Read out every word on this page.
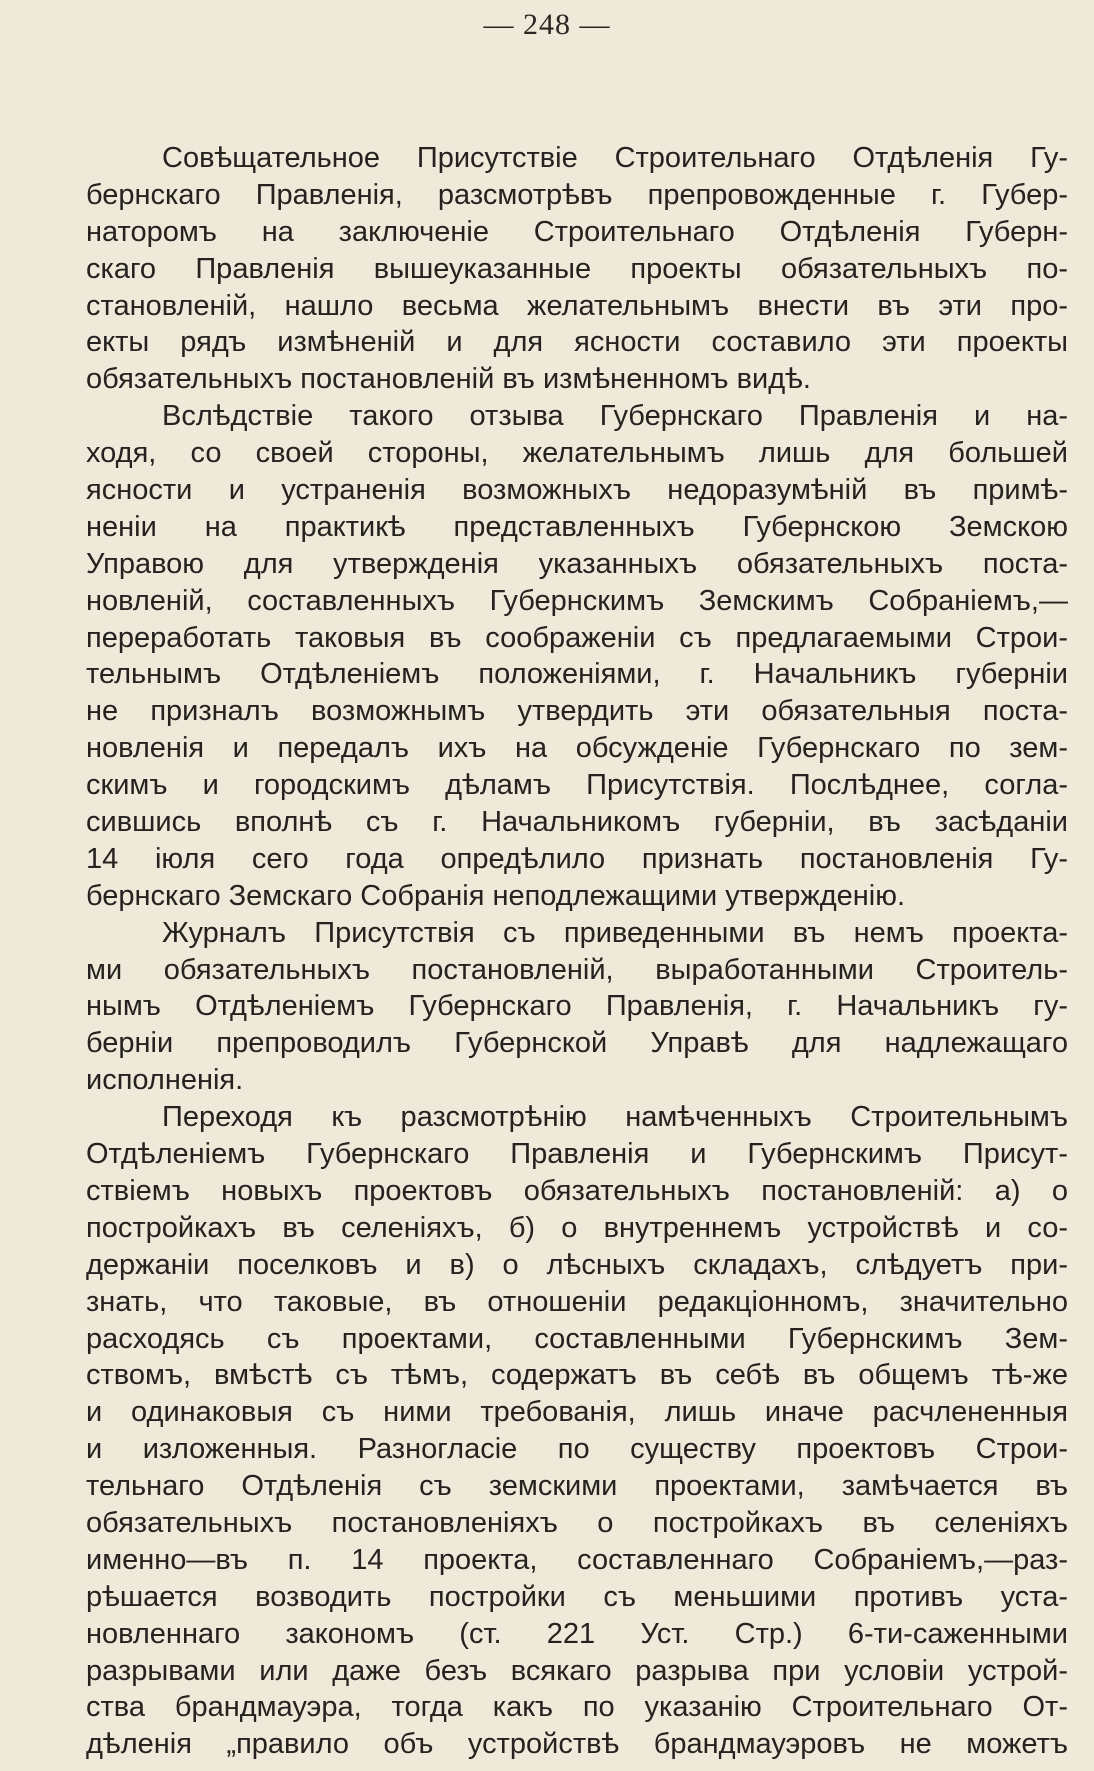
— 248 —
Совѣщательное Присутствіе Строительнаго Отдѣленія Гу-
бернскаго Правленія, разсмотрѣвъ препровожденные г. Губер-
наторомъ на заключеніе Строительнаго Отдѣленія Губерн-
скаго Правленія вышеуказанные проекты обязательныхъ по-
становленій, нашло весьма желательнымъ внести въ эти про-
екты рядъ измѣненій и для ясности составило эти проекты
обязательныхъ постановленій въ измѣненномъ видѣ.
Вслѣдствіе такого отзыва Губернскаго Правленія и на-
ходя, со своей стороны, желательнымъ лишь для большей
ясности и устраненія возможныхъ недоразумѣній въ примѣ-
неніи на практикѣ представленныхъ Губернскою Земскою
Управою для утвержденія указанныхъ обязательныхъ поста-
новленій, составленныхъ Губернскимъ Земскимъ Собраніемъ,—
переработать таковыя въ соображеніи съ предлагаемыми Строи-
тельнымъ Отдѣленіемъ положеніями, г. Начальникъ губерніи
не призналъ возможнымъ утвердить эти обязательныя поста-
новленія и передалъ ихъ на обсужденіе Губернскаго по зем-
скимъ и городскимъ дѣламъ Присутствія. Послѣднее, согла-
сившись вполнѣ съ г. Начальникомъ губерніи, въ засѣданіи
14 іюля сего года опредѣлило признать постановленія Гу-
бернскаго Земскаго Собранія неподлежащими утвержденію.
Журналъ Присутствія съ приведенными въ немъ проекта-
ми обязательныхъ постановленій, выработанными Строитель-
нымъ Отдѣленіемъ Губернскаго Правленія, г. Начальникъ гу-
берніи препроводилъ Губернской Управѣ для надлежащаго
исполненія.
Переходя къ разсмотрѣнію намѣченныхъ Строительнымъ
Отдѣленіемъ Губернскаго Правленія и Губернскимъ Присут-
ствіемъ новыхъ проектовъ обязательныхъ постановленій: а) о
постройкахъ въ селеніяхъ, б) о внутреннемъ устройствѣ и со-
держаніи поселковъ и в) о лѣсныхъ складахъ, слѣдуетъ при-
знать, что таковые, въ отношеніи редакціонномъ, значительно
расходясь съ проектами, составленными Губернскимъ Зем-
ствомъ, вмѣстѣ съ тѣмъ, содержатъ въ себѣ въ общемъ тѣ-же
и одинаковыя съ ними требованія, лишь иначе расчлененныя
и изложенныя. Разногласіе по существу проектовъ Строи-
тельнаго Отдѣленія съ земскими проектами, замѣчается въ
обязательныхъ постановленіяхъ о постройкахъ въ селеніяхъ
именно—въ п. 14 проекта, составленнаго Собраніемъ,—раз-
рѣшается возводить постройки съ меньшими противъ уста-
новленнаго закономъ (ст. 221 Уст. Стр.) 6-ти-саженными
разрывами или даже безъ всякаго разрыва при условіи устрой-
ства брандмауэра, тогда какъ по указанію Строительнаго От-
дѣленія „правило объ устройствѣ брандмауэровъ не можетъ
